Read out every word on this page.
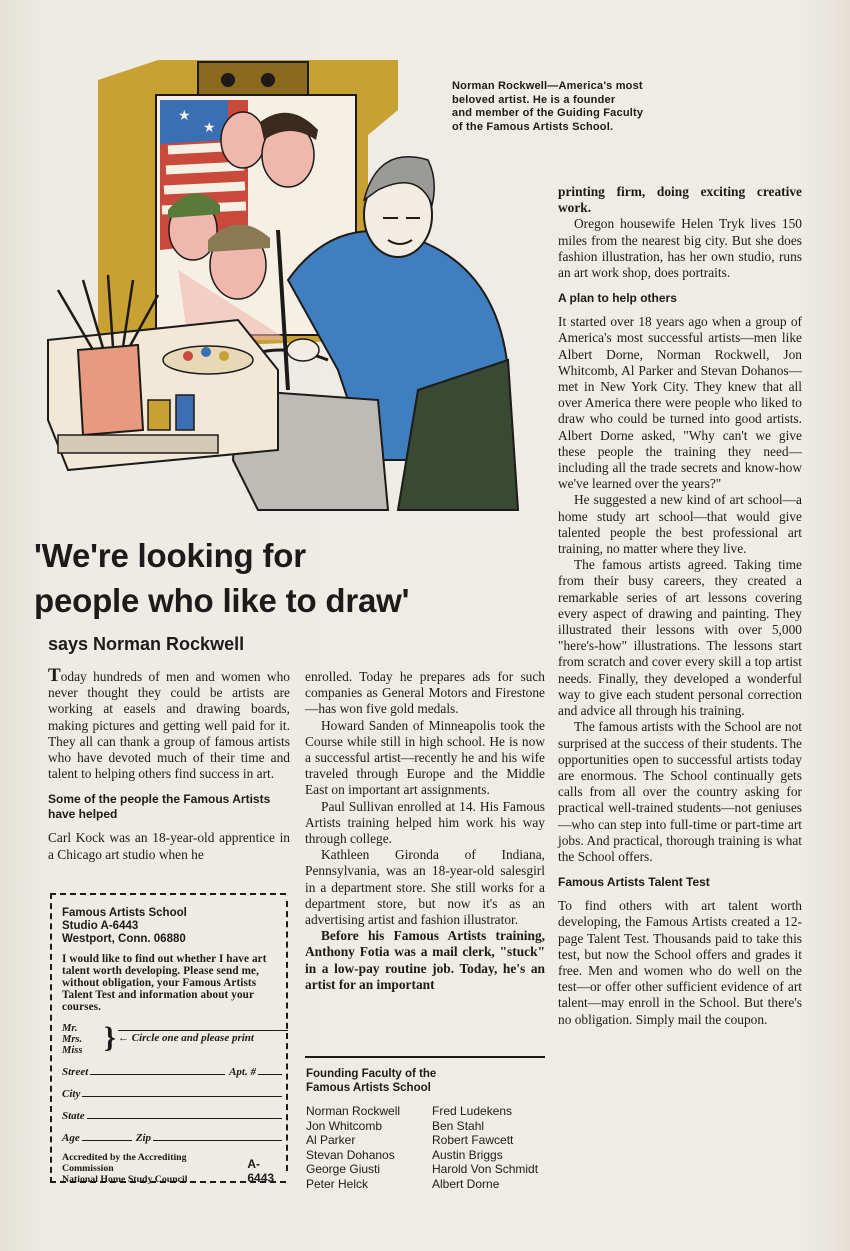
★
★

Norman Rockwell—America's most

beloved artist. He is a founder

and member of the Guiding Faculty

of the Famous Artists School.

'We're looking for

people who like to draw'

says Norman Rockwell

Today hundreds of men and women who never thought they could be artists are working at easels and drawing boards, making pictures and getting well paid for it. They all can thank a group of famous artists who have devoted much of their time and talent to helping others find success in art.

Some of the people the Famous Artists have helped

Carl Kock was an 18-year-old apprentice in a Chicago art studio when he

Famous Artists School

Studio A-6443

Westport, Conn. 06880

I would like to find out whether I have art talent worth developing. Please send me, without obligation, your Famous Artists Talent Test and information about your courses.

Mr.

Mrs.

Miss } ← Circle one and please print
Street	Apt. #
City
State
Age	Zip

Accredited by the Accrediting Commission

National Home Study Council

A-6443

enrolled. Today he prepares ads for such companies as General Motors and Firestone—has won five gold medals.

Howard Sanden of Minneapolis took the Course while still in high school. He is now a successful artist—recently he and his wife traveled through Europe and the Middle East on important art assignments.

Paul Sullivan enrolled at 14. His Famous Artists training helped him work his way through college.

Kathleen Gironda of Indiana, Pennsylvania, was an 18-year-old salesgirl in a department store. She still works for a department store, but now it's as an advertising artist and fashion illustrator.

Before his Famous Artists training, Anthony Fotia was a mail clerk, "stuck" in a low-pay routine job. Today, he's an artist for an important

Founding Faculty of the

Famous Artists School

Norman Rockwell	Fred Ludekens
Jon Whitcomb	Ben Stahl
Al Parker	Robert Fawcett
Stevan Dohanos	Austin Briggs
George Giusti	Harold Von Schmidt
Peter Helck	Albert Dorne

printing firm, doing exciting creative work.

Oregon housewife Helen Tryk lives 150 miles from the nearest big city. But she does fashion illustration, has her own studio, runs an art work shop, does portraits.

A plan to help others

It started over 18 years ago when a group of America's most successful artists—men like Albert Dorne, Norman Rockwell, Jon Whitcomb, Al Parker and Stevan Dohanos—met in New York City. They knew that all over America there were people who liked to draw who could be turned into good artists. Albert Dorne asked, "Why can't we give these people the training they need—including all the trade secrets and know-how we've learned over the years?"

He suggested a new kind of art school—a home study art school—that would give talented people the best professional art training, no matter where they live.

The famous artists agreed. Taking time from their busy careers, they created a remarkable series of art lessons covering every aspect of drawing and painting. They illustrated their lessons with over 5,000 "here's-how" illustrations. The lessons start from scratch and cover every skill a top artist needs. Finally, they developed a wonderful way to give each student personal correction and advice all through his training.

The famous artists with the School are not surprised at the success of their students. The opportunities open to successful artists today are enormous. The School continually gets calls from all over the country asking for practical well-trained students—not geniuses—who can step into full-time or part-time art jobs. And practical, thorough training is what the School offers.

Famous Artists Talent Test

To find others with art talent worth developing, the Famous Artists created a 12-page Talent Test. Thousands paid to take this test, but now the School offers and grades it free. Men and women who do well on the test—or offer other sufficient evidence of art talent—may enroll in the School. But there's no obligation. Simply mail the coupon.
